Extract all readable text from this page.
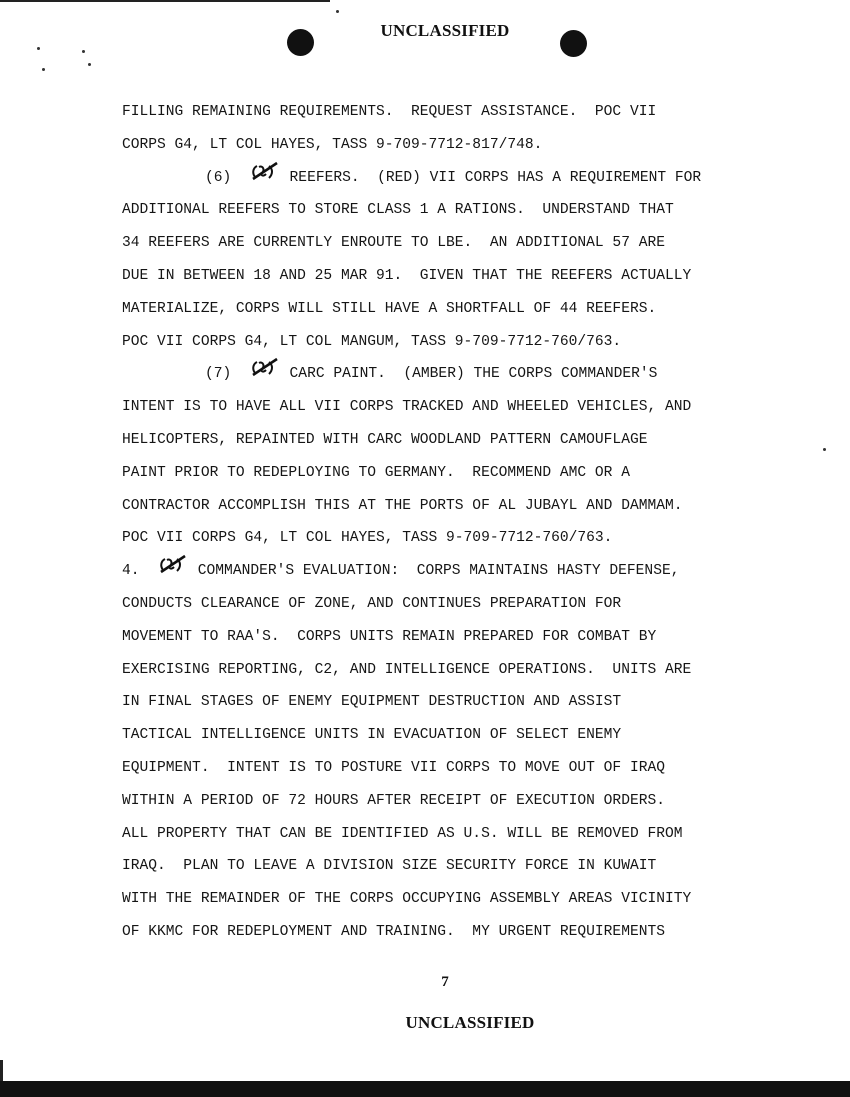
UNCLASSIFIED
FILLING REMAINING REQUIREMENTS.  REQUEST ASSISTANCE.  POC VII
CORPS G4, LT COL HAYES, TASS 9-709-7712-817/748.
(6)	REEFERS.  (RED) VII CORPS HAS A REQUIREMENT FOR
ADDITIONAL REEFERS TO STORE CLASS 1 A RATIONS.  UNDERSTAND THAT
34 REEFERS ARE CURRENTLY ENROUTE TO LBE.  AN ADDITIONAL 57 ARE
DUE IN BETWEEN 18 AND 25 MAR 91.  GIVEN THAT THE REEFERS ACTUALLY
MATERIALIZE, CORPS WILL STILL HAVE A SHORTFALL OF 44 REEFERS.
POC VII CORPS G4, LT COL MANGUM, TASS 9-709-7712-760/763.
(7)	CARC PAINT.  (AMBER) THE CORPS COMMANDER'S
INTENT IS TO HAVE ALL VII CORPS TRACKED AND WHEELED VEHICLES, AND
HELICOPTERS, REPAINTED WITH CARC WOODLAND PATTERN CAMOUFLAGE
PAINT PRIOR TO REDEPLOYING TO GERMANY.  RECOMMEND AMC OR A
CONTRACTOR ACCOMPLISH THIS AT THE PORTS OF AL JUBAYL AND DAMMAM.
POC VII CORPS G4, LT COL HAYES, TASS 9-709-7712-760/763.
4.	COMMANDER'S EVALUATION:  CORPS MAINTAINS HASTY DEFENSE,
CONDUCTS CLEARANCE OF ZONE, AND CONTINUES PREPARATION FOR
MOVEMENT TO RAA'S.  CORPS UNITS REMAIN PREPARED FOR COMBAT BY
EXERCISING REPORTING, C2, AND INTELLIGENCE OPERATIONS.  UNITS ARE
IN FINAL STAGES OF ENEMY EQUIPMENT DESTRUCTION AND ASSIST
TACTICAL INTELLIGENCE UNITS IN EVACUATION OF SELECT ENEMY
EQUIPMENT.  INTENT IS TO POSTURE VII CORPS TO MOVE OUT OF IRAQ
WITHIN A PERIOD OF 72 HOURS AFTER RECEIPT OF EXECUTION ORDERS.
ALL PROPERTY THAT CAN BE IDENTIFIED AS U.S. WILL BE REMOVED FROM
IRAQ.  PLAN TO LEAVE A DIVISION SIZE SECURITY FORCE IN KUWAIT
WITH THE REMAINDER OF THE CORPS OCCUPYING ASSEMBLY AREAS VICINITY
OF KKMC FOR REDEPLOYMENT AND TRAINING.  MY URGENT REQUIREMENTS
7
UNCLASSIFIED
